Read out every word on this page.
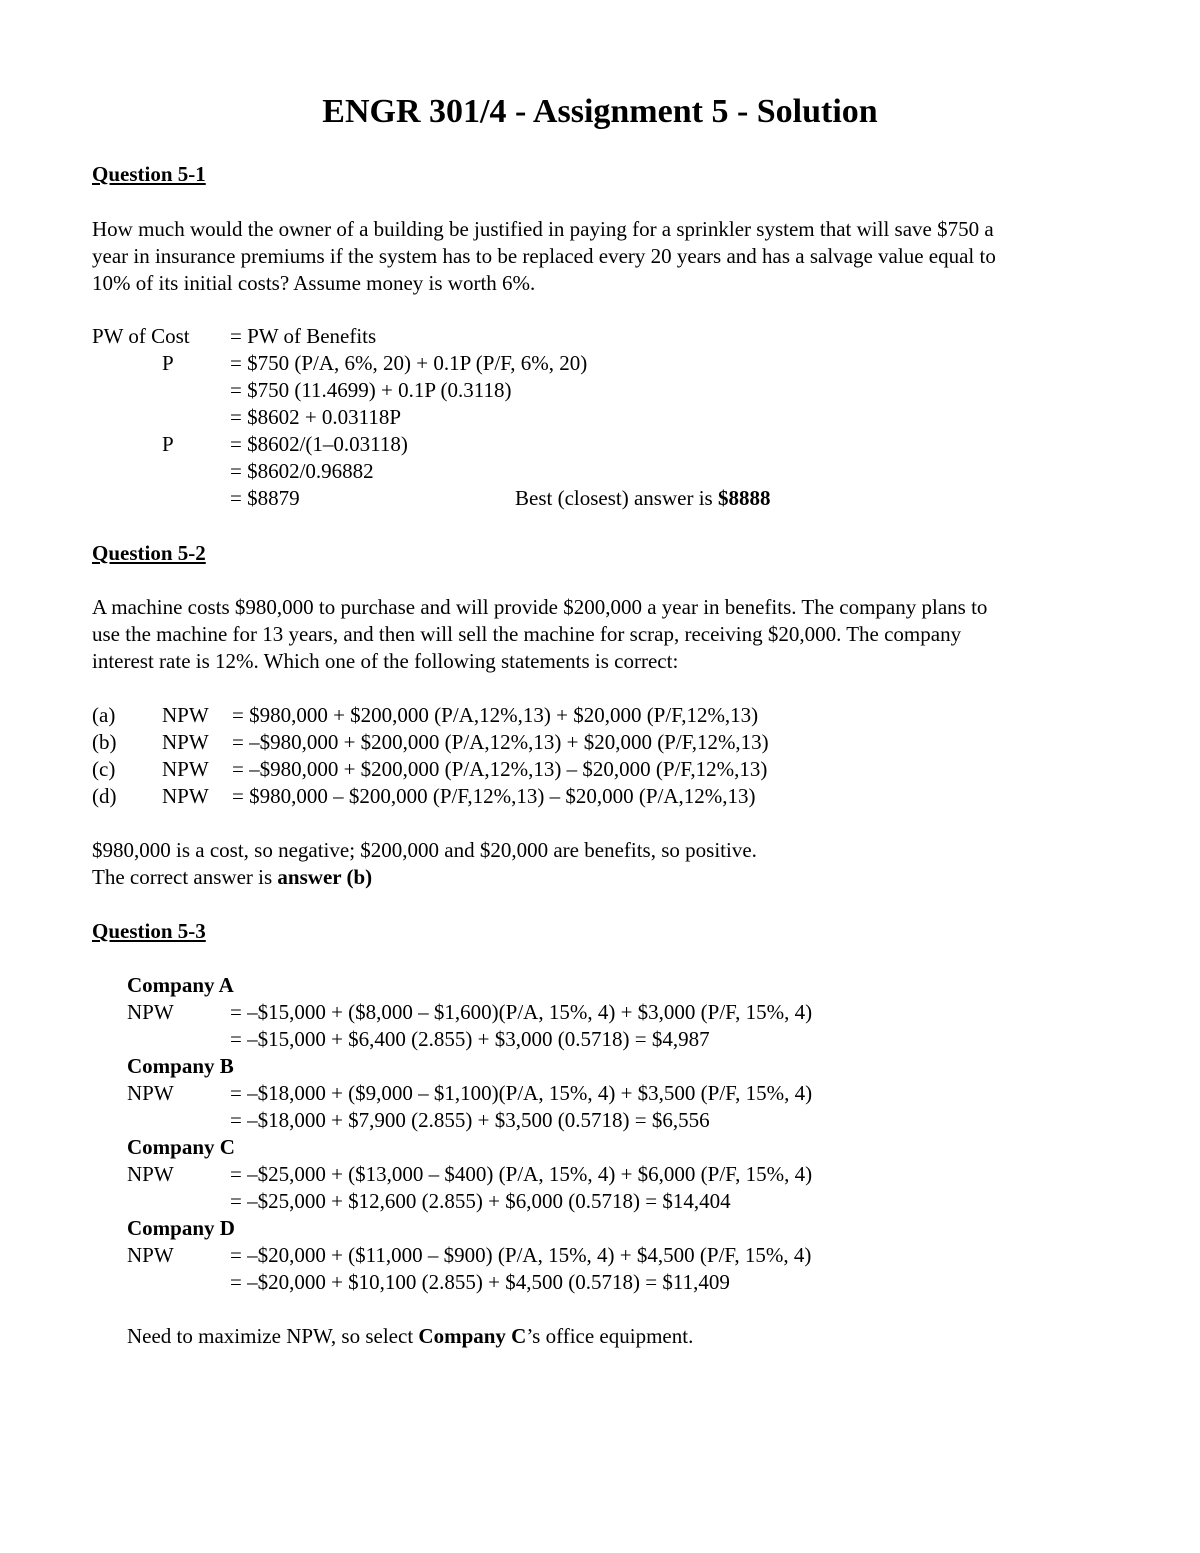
ENGR 301/4 - Assignment 5 - Solution
Question 5-1
How much would the owner of a building be justified in paying for a sprinkler system that will save $750 a
year in insurance premiums if the system has to be replaced every 20 years and has a salvage value equal to
10% of its initial costs? Assume money is worth 6%.
PW of Cost = PW of Benefits
P	= $750 (P/A, 6%, 20) + 0.1P (P/F, 6%, 20)
= $750 (11.4699) + 0.1P (0.3118)
= $8602 + 0.03118P
P	= $8602/(1–0.03118)
= $8602/0.96882
= $8879	Best (closest) answer is $8888
Question 5-2
A machine costs $980,000 to purchase and will provide $200,000 a year in benefits. The company plans to
use the machine for 13 years, and then will sell the machine for scrap, receiving $20,000. The company
interest rate is 12%. Which one of the following statements is correct:
(a) NPW = $980,000 + $200,000 (P/A,12%,13) + $20,000 (P/F,12%,13)
(b) NPW = –$980,000 + $200,000 (P/A,12%,13) + $20,000 (P/F,12%,13)
(c) NPW = –$980,000 + $200,000 (P/A,12%,13) – $20,000 (P/F,12%,13)
(d) NPW = $980,000 – $200,000 (P/F,12%,13) – $20,000 (P/A,12%,13)
$980,000 is a cost, so negative; $200,000 and $20,000 are benefits, so positive.
The correct answer is answer (b)
Question 5-3
Company A
NPW	= –$15,000 + ($8,000 – $1,600)(P/A, 15%, 4) + $3,000 (P/F, 15%, 4)
= –$15,000 + $6,400 (2.855) + $3,000 (0.5718) = $4,987
Company B
NPW	= –$18,000 + ($9,000 – $1,100)(P/A, 15%, 4) + $3,500 (P/F, 15%, 4)
= –$18,000 + $7,900 (2.855) + $3,500 (0.5718) = $6,556
Company C
NPW	= –$25,000 + ($13,000 – $400) (P/A, 15%, 4) + $6,000 (P/F, 15%, 4)
= –$25,000 + $12,600 (2.855) + $6,000 (0.5718) = $14,404
Company D
NPW	= –$20,000 + ($11,000 – $900) (P/A, 15%, 4) + $4,500 (P/F, 15%, 4)
= –$20,000 + $10,100 (2.855) + $4,500 (0.5718) = $11,409
Need to maximize NPW, so select Company C’s office equipment.
